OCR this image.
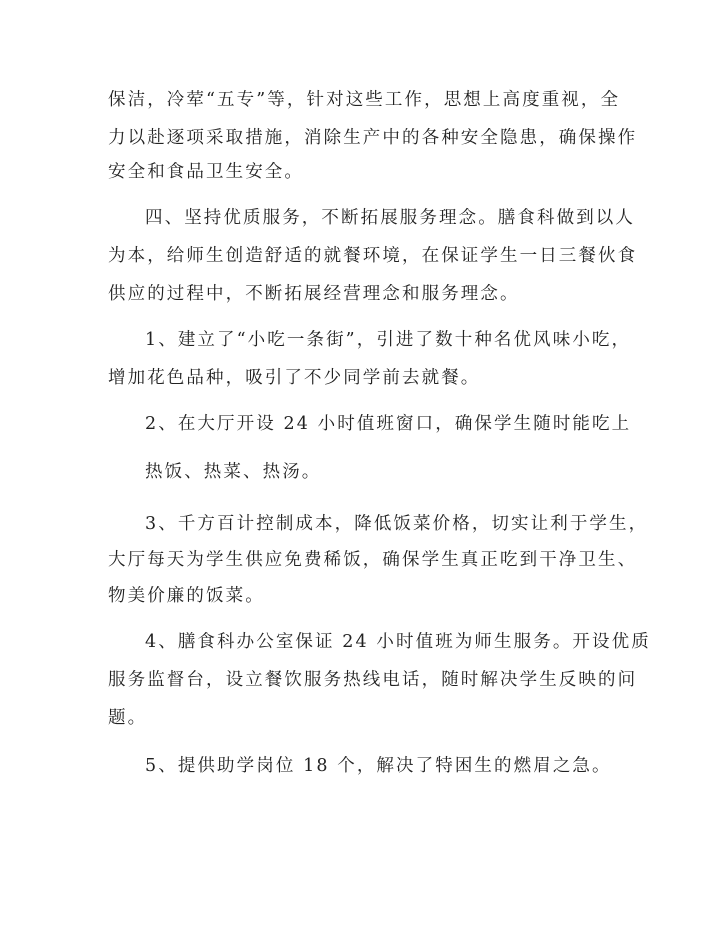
保洁，冷荤“五专”等，针对这些工作，思想上高度重视，全
力以赴逐项采取措施，消除生产中的各种安全隐患，确保操作
安全和食品卫生安全。
四、坚持优质服务，不断拓展服务理念。膳食科做到以人
为本，给师生创造舒适的就餐环境，在保证学生一日三餐伙食
供应的过程中，不断拓展经营理念和服务理念。
1、建立了“小吃一条街”，引进了数十种名优风味小吃，
增加花色品种，吸引了不少同学前去就餐。
2、在大厅开设 24 小时值班窗口，确保学生随时能吃上
热饭、热菜、热汤。
3、千方百计控制成本，降低饭菜价格，切实让利于学生，
大厅每天为学生供应免费稀饭，确保学生真正吃到干净卫生、
物美价廉的饭菜。
4、膳食科办公室保证 24 小时值班为师生服务。开设优质
服务监督台，设立餐饮服务热线电话，随时解决学生反映的问
题。
5、提供助学岗位 18 个，解决了特困生的燃眉之急。
